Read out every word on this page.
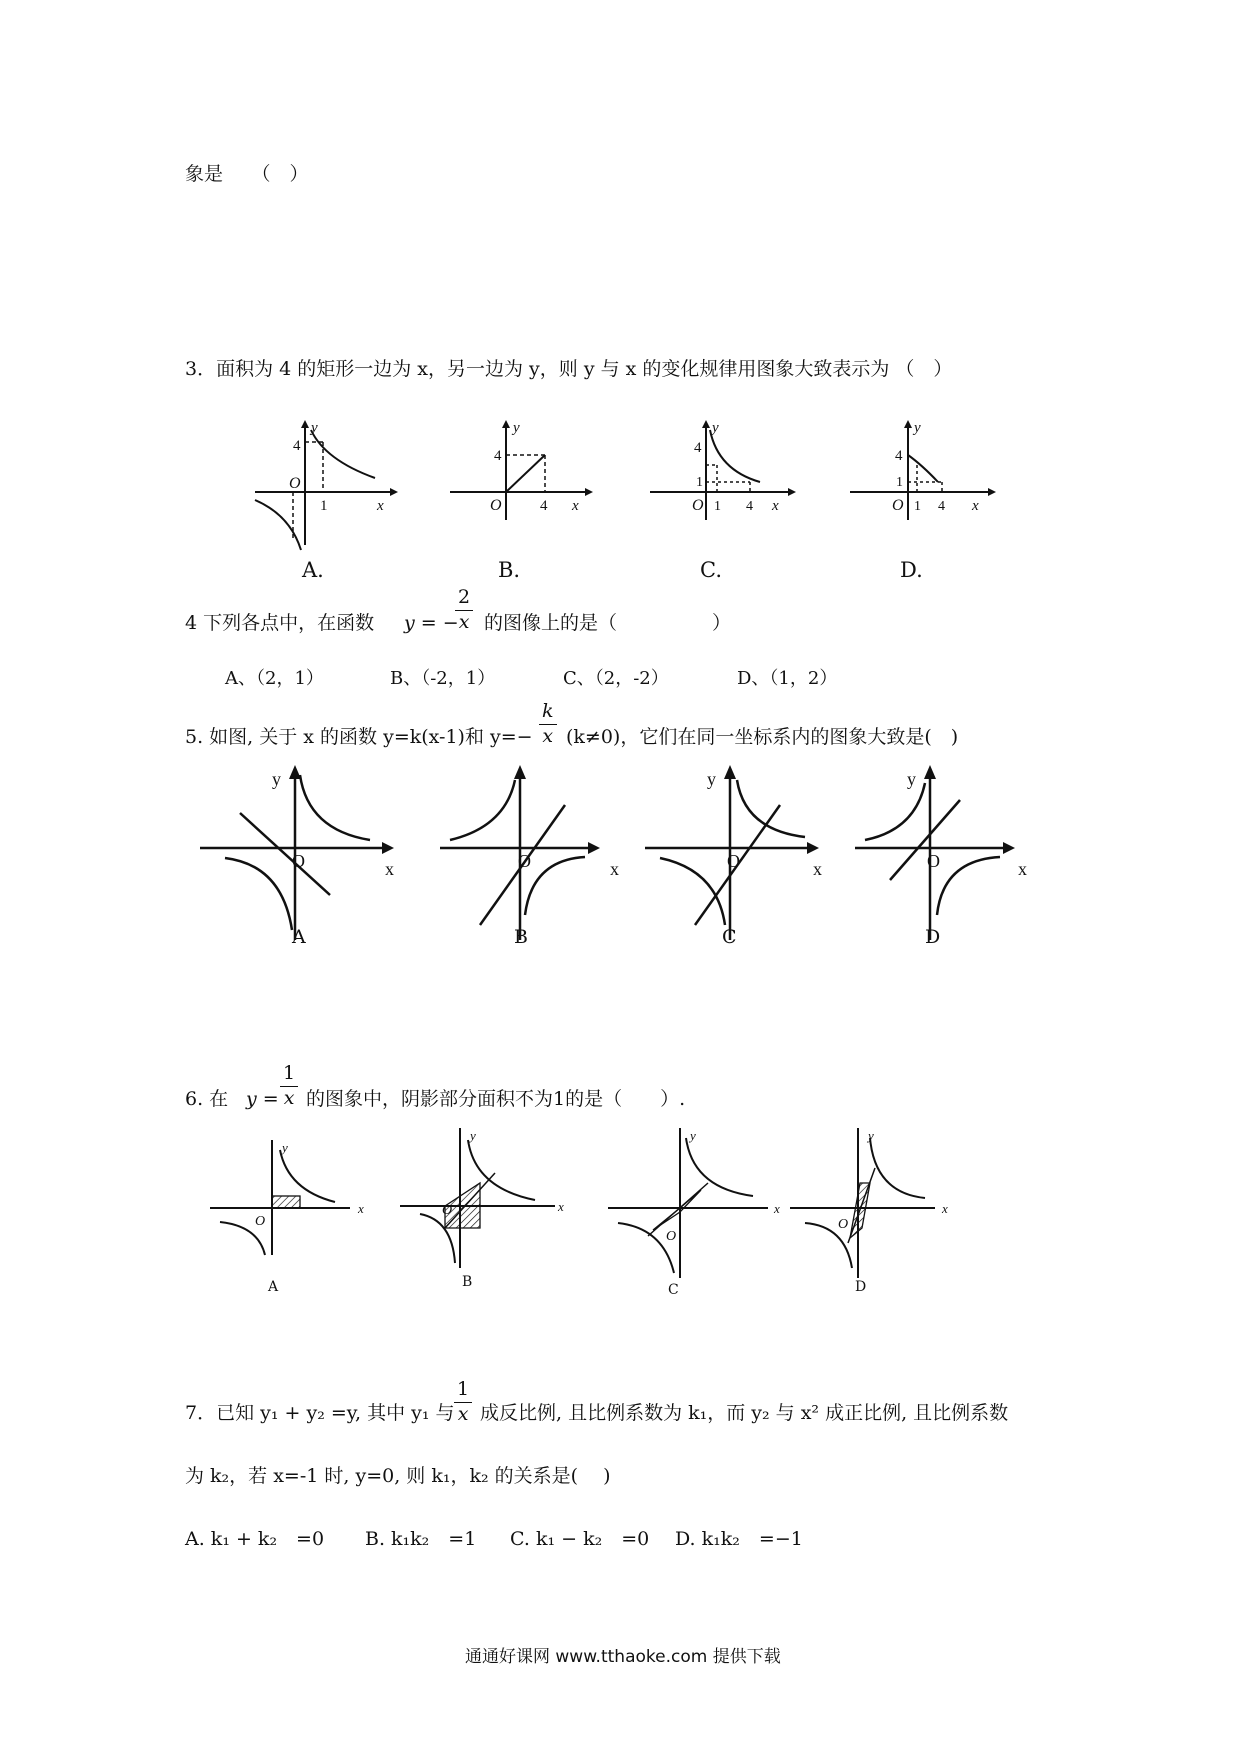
象是　　（　）
3．面积为 4 的矩形一边为 x，另一边为 y，则 y 与 x 的变化规律用图象大致表示为 （　）
4
O
1	x
y
A.
4
O	4 x
y
B.
4
1
O 1 4 x
y
C.
4
1
O 1 4 x
y
D.
4 下列各点中，在函数 y = −
$\frac{2}{x}$ 的图像上的是（　　　　　）
A、（2，1）	B、（-2，1）	C、（2，-2）	D、（1，2）
5. 如图, 关于 x 的函数 y=k(x-1)和 $y=- \frac{k}{x} (k\ne 0)$，它们在同一坐标系内的图象大致是(　)
y
O	x
A
O	x
B
y
O	x
C
y
O	x
D
6. 在 $y = \frac{1}{x}$ 的图象中，阴影部分面积不为1的是（　　）.
y
O
x
A
y
O	x
B
y
O
x
C
y
O
x
D
7．已知 y₁ + y₂ =y, 其中 y₁ 与 $\frac{1}{x}$ 成反比例, 且比例系数为 k₁，而 y₂ 与 x² 成正比例, 且比例系数
为 k₂，若 x=-1 时, y=0, 则 k₁，k₂ 的关系是(　 )
A. k₁ + k₂　=0 B. k₁k₂　=1 C. k₁ − k₂　=0 D. k₁k₂　=−1
通通好课网 www.tthaoke.com 提供下载
